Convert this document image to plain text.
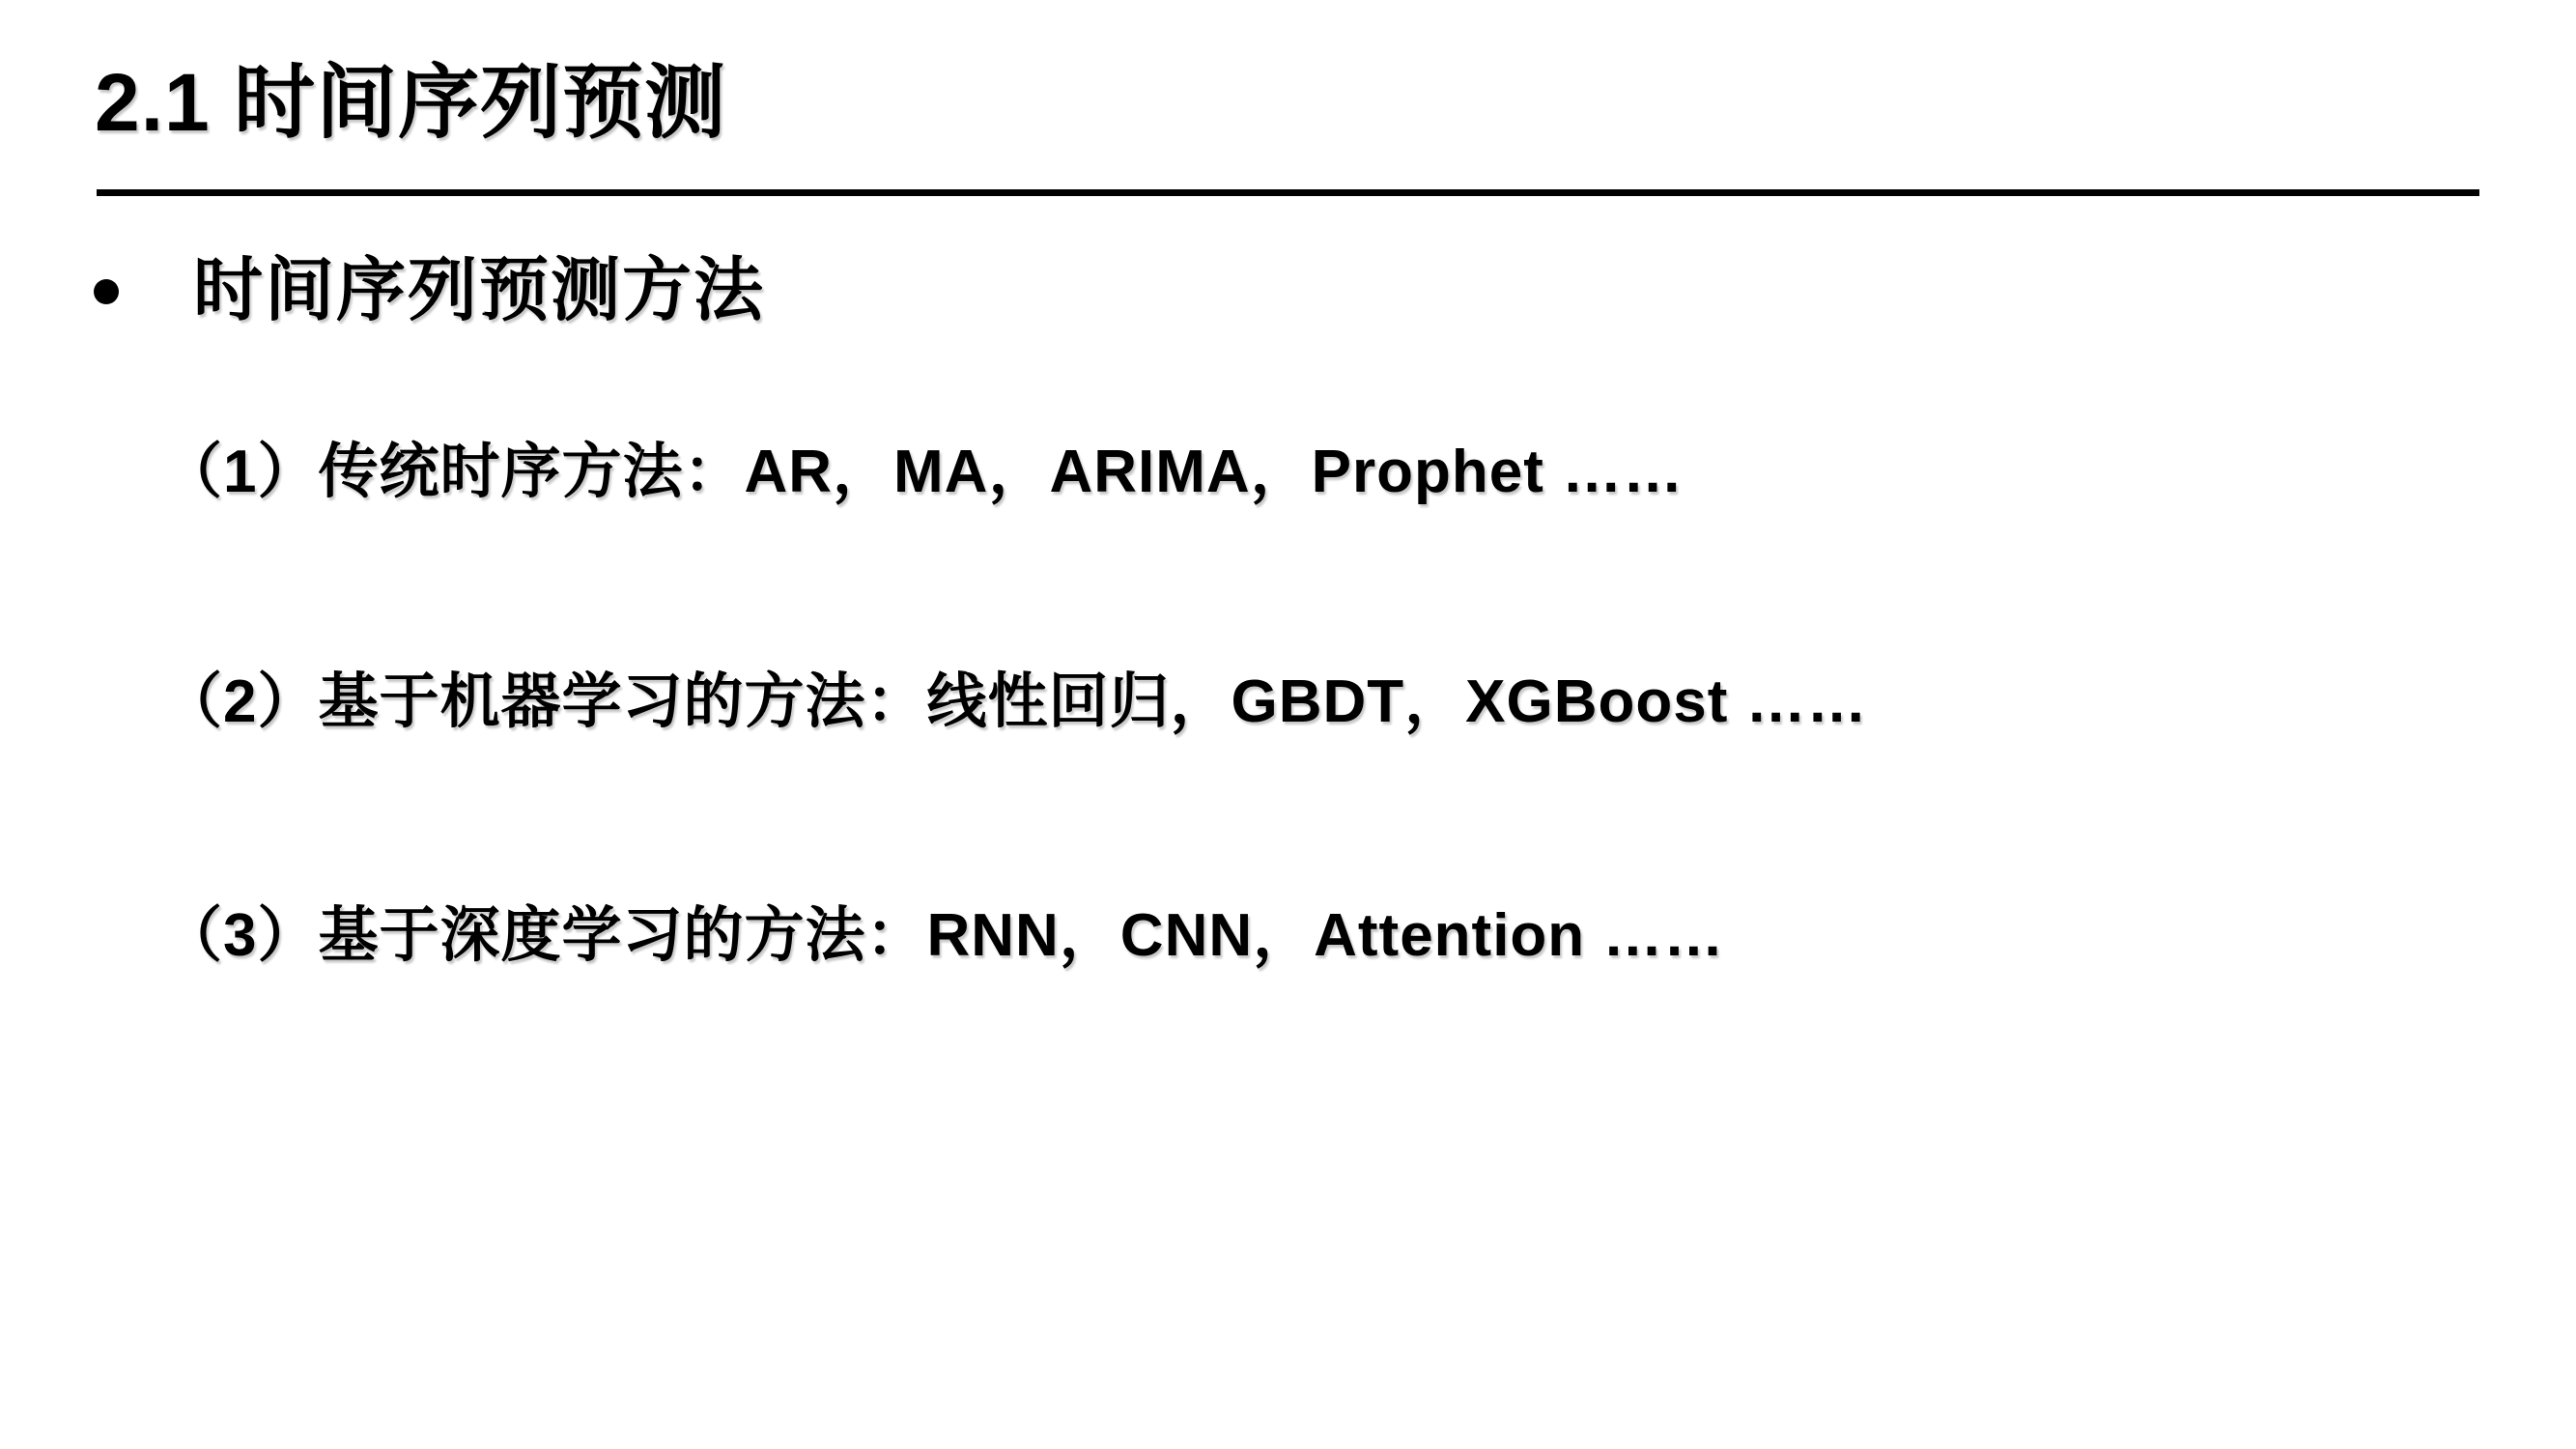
2.1 时间序列预测
时间序列预测方法

（1）传统时序方法：AR，MA，ARIMA，Prophet ……

（2）基于机器学习的方法：线性回归，GBDT，XGBoost ……

（3）基于深度学习的方法：RNN，CNN，Attention ……
